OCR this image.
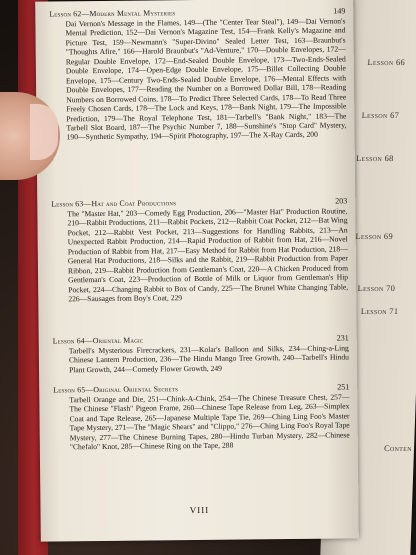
Lesson 66
Lesson 67
Lesson 68
Lesson 69
Lesson 70
Lesson 71
Conten
Lesson 62—Modern Mental Mysteries	149
Dai Vernon's Message in the Flames, 149—(The "Center Tear Steal"), 149—Dai Vernon's Mental Prediction, 152—Dai Vernon's Magazine Test, 154—Frank Kelly's Magazine and Picture Test, 159—Newmann's "Super-Divino" Sealed Letter Test, 163—Braunbut's "Thoughts Afire," 166—Harold Braunbut's "Ad-Venture," 170—Double Envelopes, 172—Regular Double Envelope, 172—End-Sealed Double Envelope, 173—Two-Ends-Sealed Double Envelope, 174—Open-Edge Double Envelope, 175—Billet Collecting Double Envelope, 175—Century Two-Ends-Sealed Double Envelope, 176—Mental Effects with Double Envelopes, 177—Reading the Number on a Borrowed Dollar Bill, 178—Reading Numbers on Borrowed Coins, 178—To Predict Three Selected Cards, 178—To Read Three Freely Chosen Cards, 178—The Lock and Keys, 178—Bank Night, 179—The Impossible Prediction, 179—The Royal Telephone Test, 181—Tarbell's "Bank Night," 183—The Tarbell Slot Board, 187—The Psychic Number 7, 188—Sunshine's "Stop Card" Mystery, 190—Synthetic Sympathy, 194—Spirit Photography, 197—The X-Ray Cards, 200
Lesson 63—Hat and Coat Productions	203
The "Master Hat," 203—Comedy Egg Production, 206—"Master Hat" Production Routine, 210—Rabbit Productions, 211—Rabbit Pockets, 212—Rabbit Coat Pocket, 212—Bat Wing Pocket, 212—Rabbit Vest Pocket, 213—Suggestions for Handling Rabbits, 213—An Unexpected Rabbit Production, 214—Rapid Production of Rabbit from Hat, 216—Novel Production of Rabbit from Hat, 217—Easy Method for Rabbit from Hat Production, 218—General Hat Productions, 218—Silks and the Rabbit, 219—Rabbit Production from Paper Ribbon, 219—Rabbit Production from Gentleman's Coat, 220—A Chicken Produced from Gentleman's Coat, 223—Production of Bottle of Milk or Liquor from Gentleman's Hip Pocket, 224—Changing Rabbit to Box of Candy, 225—The Brunel White Changing Table, 226—Sausages from Boy's Coat, 229
Lesson 64—Oriental Magic	231
Tarbell's Mysterious Firecrackers, 231—Kolar's Balloon and Silks, 234—Ching-a-Ling Chinese Lantern Production, 236—The Hindu Mango Tree Growth, 240—Tarbell's Hindu Plant Growth, 244—Comedy Flower Growth, 249
Lesson 65—Original Oriental Secrets	251
Tarbell Orange and Die, 251—Chink-A-Chink, 254—The Chinese Treasure Chest, 257—The Chinese "Flash" Pigeon Frame, 260—Chinese Tape Release from Leg, 263—Simplex Coat and Tape Release, 265—Japanese Multiple Tape Tie, 269—Ching Ling Foo's Master Tape Mystery, 271—The "Magic Shears" and "Clippo," 276—Ching Ling Foo's Royal Tape Mystery, 277—The Chinese Burning Tapes, 280—Hindu Turban Mystery, 282—Chinese "Chefalo" Knot, 285—Chinese Ring on the Tape, 288
VIII
